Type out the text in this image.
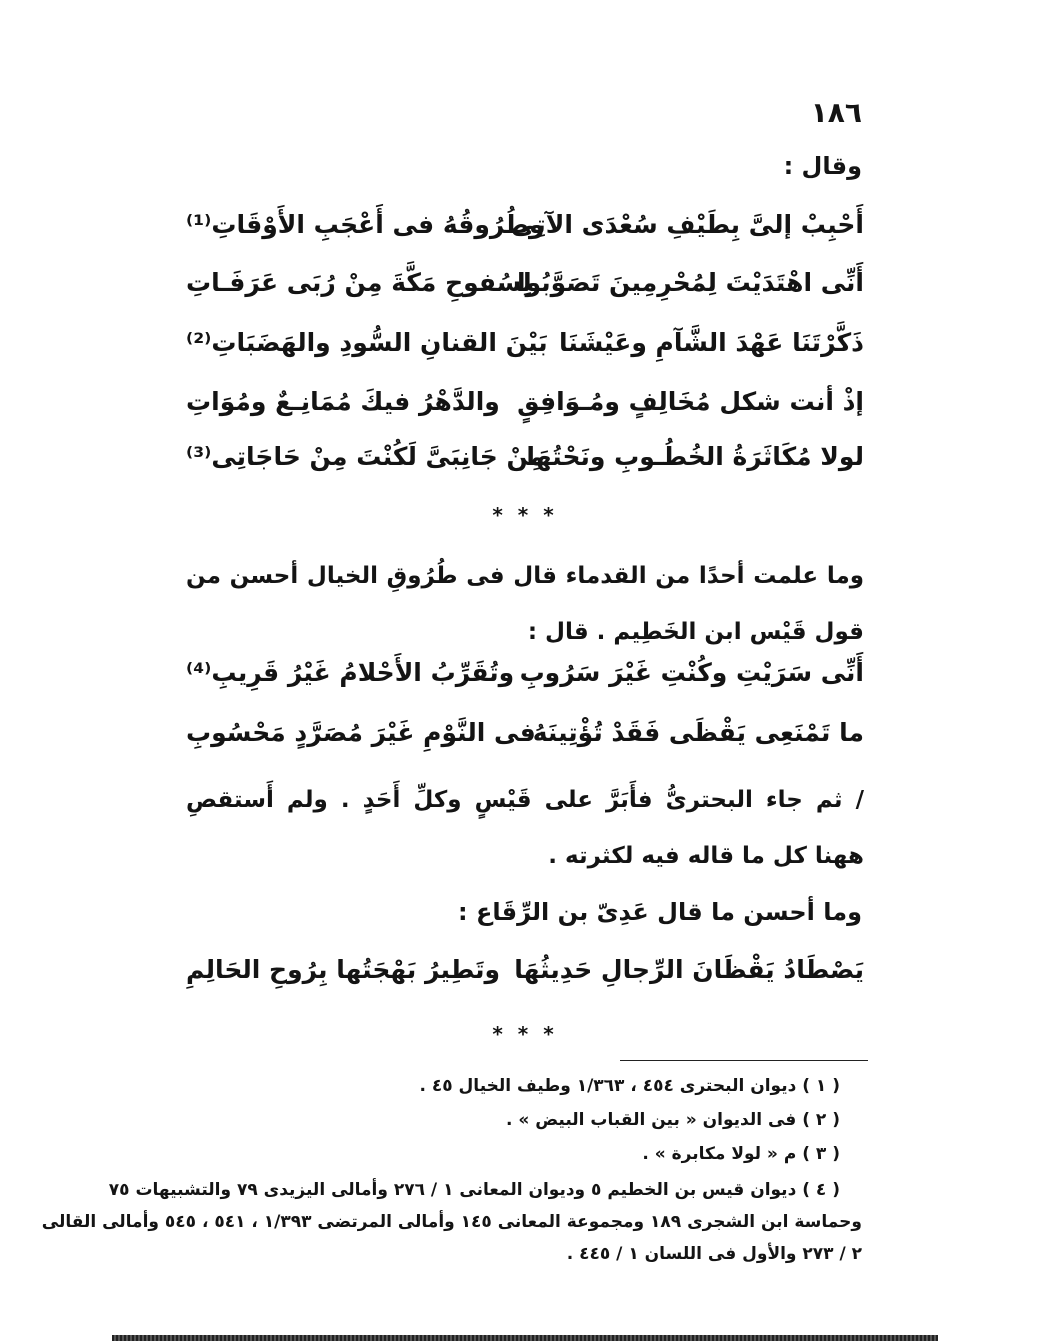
١٨٦
وقال :
أَحْبِبْ إلىَّ بِطَيْفِ سُعْدَى الآتِى
وطُرُوقُهُ فى أَعْجَبِ الأَوْقَاتِ⁽¹⁾
أَنِّى اهْتَدَيْتَ لِمُحْرِمِينَ تَصَوَّبُوا
لِسُفوحِ مَكَّةَ مِنْ رُبَى عَرَفَـاتِ
ذَكَّرْتَنَا عَهْدَ الشَّآمِ وعَيْشَنَا
بَيْنَ القنانِ السُّودِ والهَضَبَاتِ⁽²⁾
إذْ أنت شكل مُخَالِفٍ ومُـوَافِقٍ
والدَّهْرُ فيكَ مُمَانِـعٌ ومُوَاتِ
لولا مُكَاثَرَةُ الخُطُـوبِ ونَحْتُهَا
مِنْ جَانِبَىَّ لَكُنْتَ مِنْ حَاجَاتِى⁽³⁾
* * *
وما علمت أحدًا من القدماء قال فى طُرُوقِ الخيال أحسن من قول قَيْس ابن الخَطِيم . قال :
أَنِّى سَرَيْتِ وكُنْتِ غَيْرَ سَرُوبِ
وتُقَرِّبُ الأَحْلامُ غَيْرُ قَرِيبِ⁽⁴⁾
ما تَمْنَعِى يَقْظَى فَقَدْ تُؤْتِينَهُ
فى النَّوْمِ غَيْرَ مُصَرَّدٍ مَحْسُوبِ
/ ثم جاء البحترىُّ فأَبَرَّ على قَيْسٍ وكلِّ أَحَدٍ . ولم أَستقصِ ههنا كل ما قاله فيه لكثرته .
وما أحسن ما قال عَدِىّ بن الرِّقَاع :
يَصْطَادُ يَقْظَانَ الرِّجالِ حَدِيثُهَا
وتَطِيرُ بَهْجَتُها بِرُوحِ الحَالِمِ
* * *
( ١ ) ديوان البحترى ٤٥٤ ، ١/٣٦٣ وطيف الخيال ٤٥ .
( ٢ ) فى الديوان « بين القباب البيض » .
( ٣ ) م « لولا مكابرة » .
( ٤ ) ديوان قيس بن الخطيم ٥ وديوان المعانى ١ / ٢٧٦ وأمالى اليزيدى ٧٩ والتشبيهات ٧٥
وحماسة ابن الشجرى ١٨٩ ومجموعة المعانى ١٤٥ وأمالى المرتضى ١/٣٩٣ ، ٥٤١ ، ٥٤٥ وأمالى القالى
٢ / ٢٧٣ والأول فى اللسان ١ / ٤٤٥ .
